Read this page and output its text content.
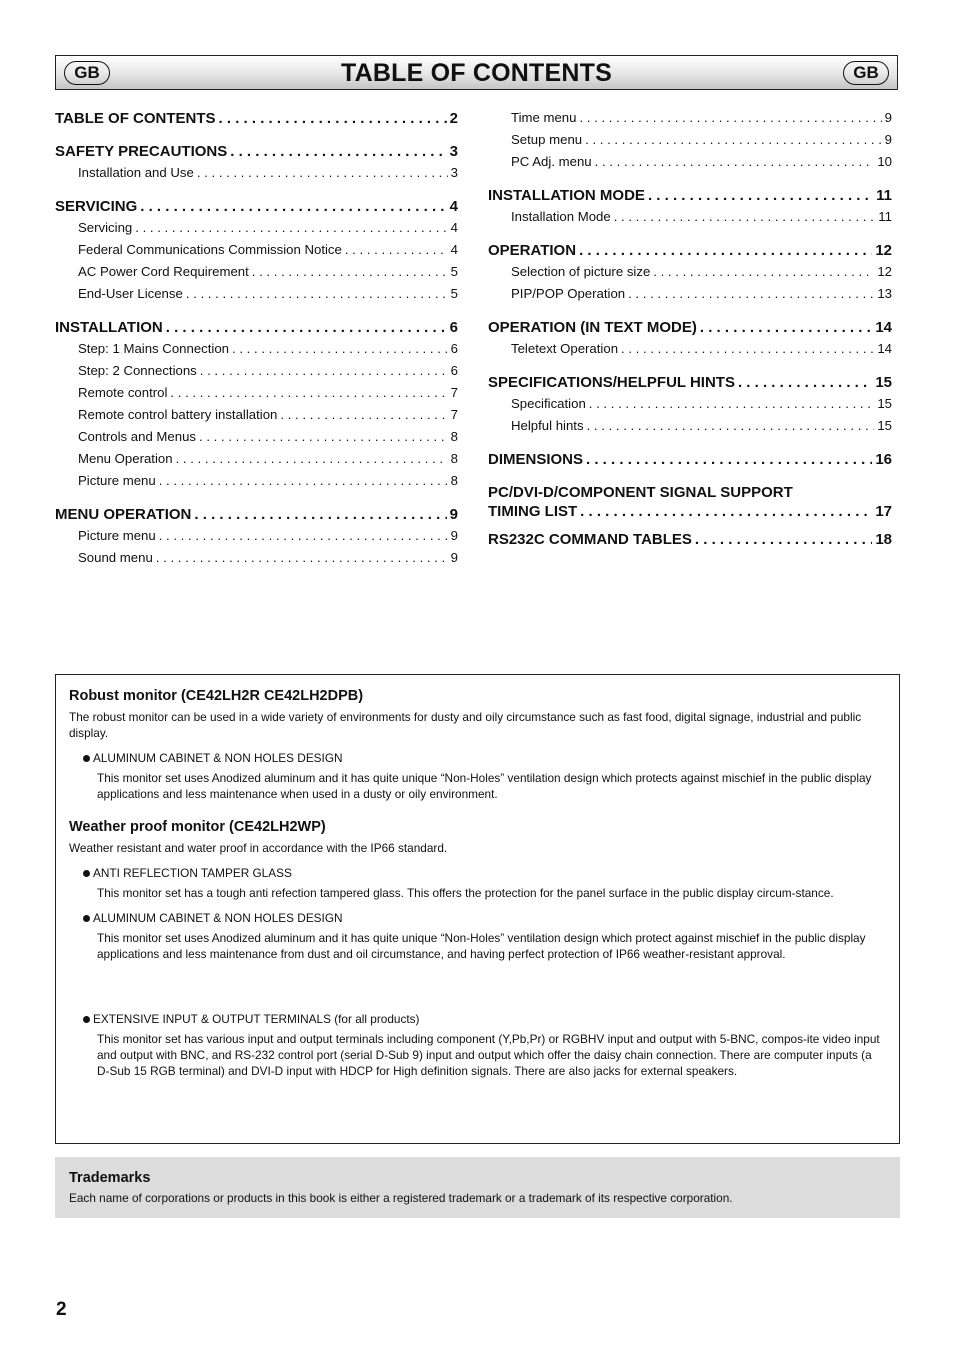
GB	TABLE OF CONTENTS	GB
TABLE OF CONTENTS . . .	2
SAFETY PRECAUTIONS . . .	3
Installation and Use . . .	3
SERVICING . . .	4
Servicing . . .	4
Federal Communications Commission Notice . . .	4
AC Power Cord Requirement . . .	5
End-User License . . .	5
INSTALLATION . . .	6
Step: 1 Mains Connection . . .	6
Step: 2 Connections . . .	6
Remote control . . .	7
Remote control battery installation . . .	7
Controls and Menus . . .	8
Menu Operation . . .	8
Picture menu . . .	8
MENU OPERATION . . .	9
Picture menu . . .	9
Sound menu . . .	9
Time menu . . .	9
Setup menu . . .	9
PC Adj. menu . . .	10
INSTALLATION MODE . . .	11
Installation Mode . . .	11
OPERATION . . .	12
Selection of picture size . . .	12
PIP/POP Operation . . .	13
OPERATION (IN TEXT MODE) . . .	14
Teletext Operation . . .	14
SPECIFICATIONS/HELPFUL HINTS . . .	15
Specification . . .	15
Helpful hints . . .	15
DIMENSIONS . . .	16
PC/DVI-D/COMPONENT SIGNAL SUPPORT
TIMING LIST . . .	17
RS232C COMMAND TABLES . . .	18
Robust monitor (CE42LH2R CE42LH2DPB)

The robust monitor can be used in a wide variety of environments for dusty and oily circumstance such as fast food, digital signage, industrial and public display.

ALUMINUM CABINET & NON HOLES DESIGN

This monitor set uses Anodized aluminum and it has quite unique “Non-Holes” ventilation design which protects against mischief in the public display applications and less maintenance when used in a dusty or oily environment.

Weather proof monitor (CE42LH2WP)

Weather resistant and water proof in accordance with the IP66 standard.

ANTI REFLECTION TAMPER GLASS

This monitor set has a tough anti refection tampered glass. This offers the protection for the panel surface in the public display circum-stance.

ALUMINUM CABINET & NON HOLES DESIGN

This monitor set uses Anodized aluminum and it has quite unique “Non-Holes” ventilation design which protect against mischief in the public display applications and less maintenance from dust and oil circumstance, and having perfect protection of IP66 weather-resistant approval.

EXTENSIVE INPUT & OUTPUT TERMINALS (for all products)

This monitor set has various input and output terminals including component (Y,Pb,Pr) or RGBHV input and output with 5-BNC, compos-ite video input and output with BNC, and RS-232 control port (serial D-Sub 9) input and output which offer the daisy chain connection. There are computer inputs (a D-Sub 15 RGB terminal) and DVI-D input with HDCP for High definition signals. There are also jacks for external speakers.

Trademarks

Each name of corporations or products in this book is either a registered trademark or a trademark of its respective corporation.

2
